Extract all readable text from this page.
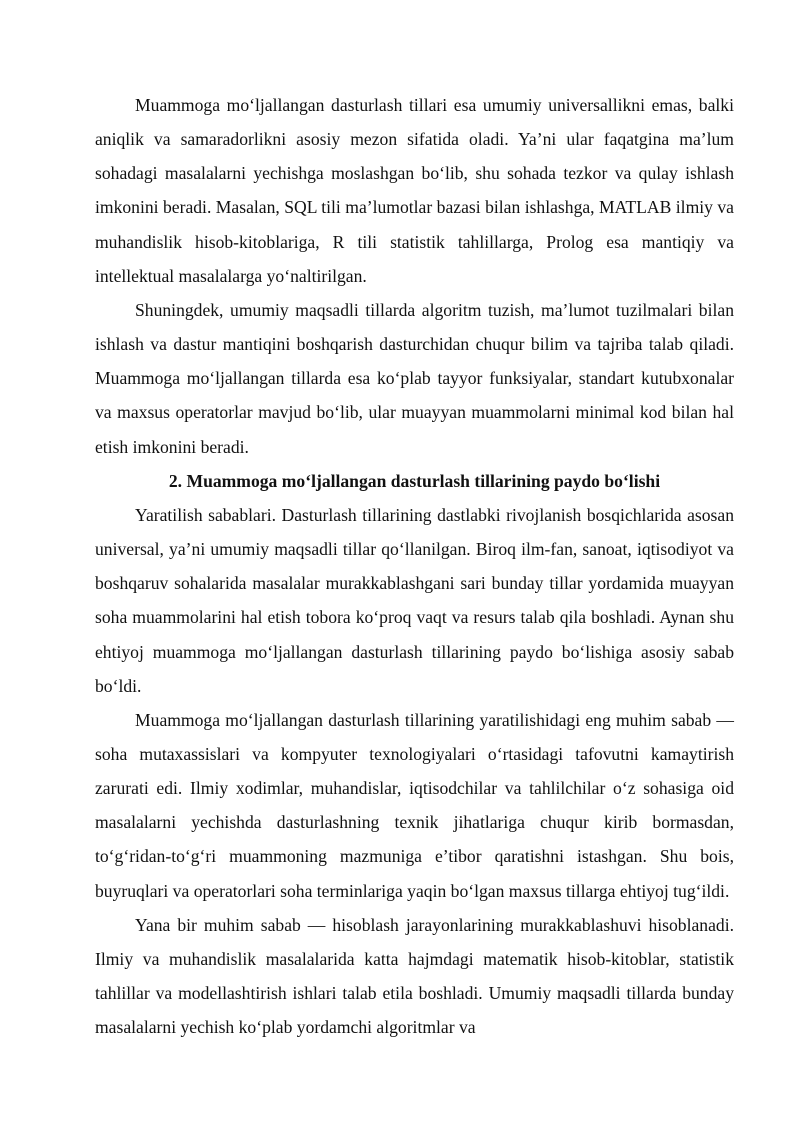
Muammoga mo‘ljallangan dasturlash tillari esa umumiy universallikni emas, balki aniqlik va samaradorlikni asosiy mezon sifatida oladi. Ya’ni ular faqatgina ma’lum sohadagi masalalarni yechishga moslashgan bo‘lib, shu sohada tezkor va qulay ishlash imkonini beradi. Masalan, SQL tili ma’lumotlar bazasi bilan ishlashga, MATLAB ilmiy va muhandislik hisob-kitoblariga, R tili statistik tahlillarga, Prolog esa mantiqiy va intellektual masalalarga yo‘naltirilgan.

Shuningdek, umumiy maqsadli tillarda algoritm tuzish, ma’lumot tuzilmalari bilan ishlash va dastur mantiqini boshqarish dasturchidan chuqur bilim va tajriba talab qiladi. Muammoga mo‘ljallangan tillarda esa ko‘plab tayyor funksiyalar, standart kutubxonalar va maxsus operatorlar mavjud bo‘lib, ular muayyan muammolarni minimal kod bilan hal etish imkonini beradi.

2. Muammoga mo‘ljallangan dasturlash tillarining paydo bo‘lishi

Yaratilish sabablari. Dasturlash tillarining dastlabki rivojlanish bosqichlarida asosan universal, ya’ni umumiy maqsadli tillar qo‘llanilgan. Biroq ilm-fan, sanoat, iqtisodiyot va boshqaruv sohalarida masalalar murakkablashgani sari bunday tillar yordamida muayyan soha muammolarini hal etish tobora ko‘proq vaqt va resurs talab qila boshladi. Aynan shu ehtiyoj muammoga mo‘ljallangan dasturlash tillarining paydo bo‘lishiga asosiy sabab bo‘ldi.

Muammoga mo‘ljallangan dasturlash tillarining yaratilishidagi eng muhim sabab — soha mutaxassislari va kompyuter texnologiyalari o‘rtasidagi tafovutni kamaytirish zarurati edi. Ilmiy xodimlar, muhandislar, iqtisodchilar va tahlilchilar o‘z sohasiga oid masalalarni yechishda dasturlashning texnik jihatlariga chuqur kirib bormasdan, to‘g‘ridan-to‘g‘ri muammoning mazmuniga e’tibor qaratishni istashgan. Shu bois, buyruqlari va operatorlari soha terminlariga yaqin bo‘lgan maxsus tillarga ehtiyoj tug‘ildi.

Yana bir muhim sabab — hisoblash jarayonlarining murakkablashuvi hisoblanadi. Ilmiy va muhandislik masalalarida katta hajmdagi matematik hisob-kitoblar, statistik tahlillar va modellashtirish ishlari talab etila boshladi. Umumiy maqsadli tillarda bunday masalalarni yechish ko‘plab yordamchi algoritmlar va
